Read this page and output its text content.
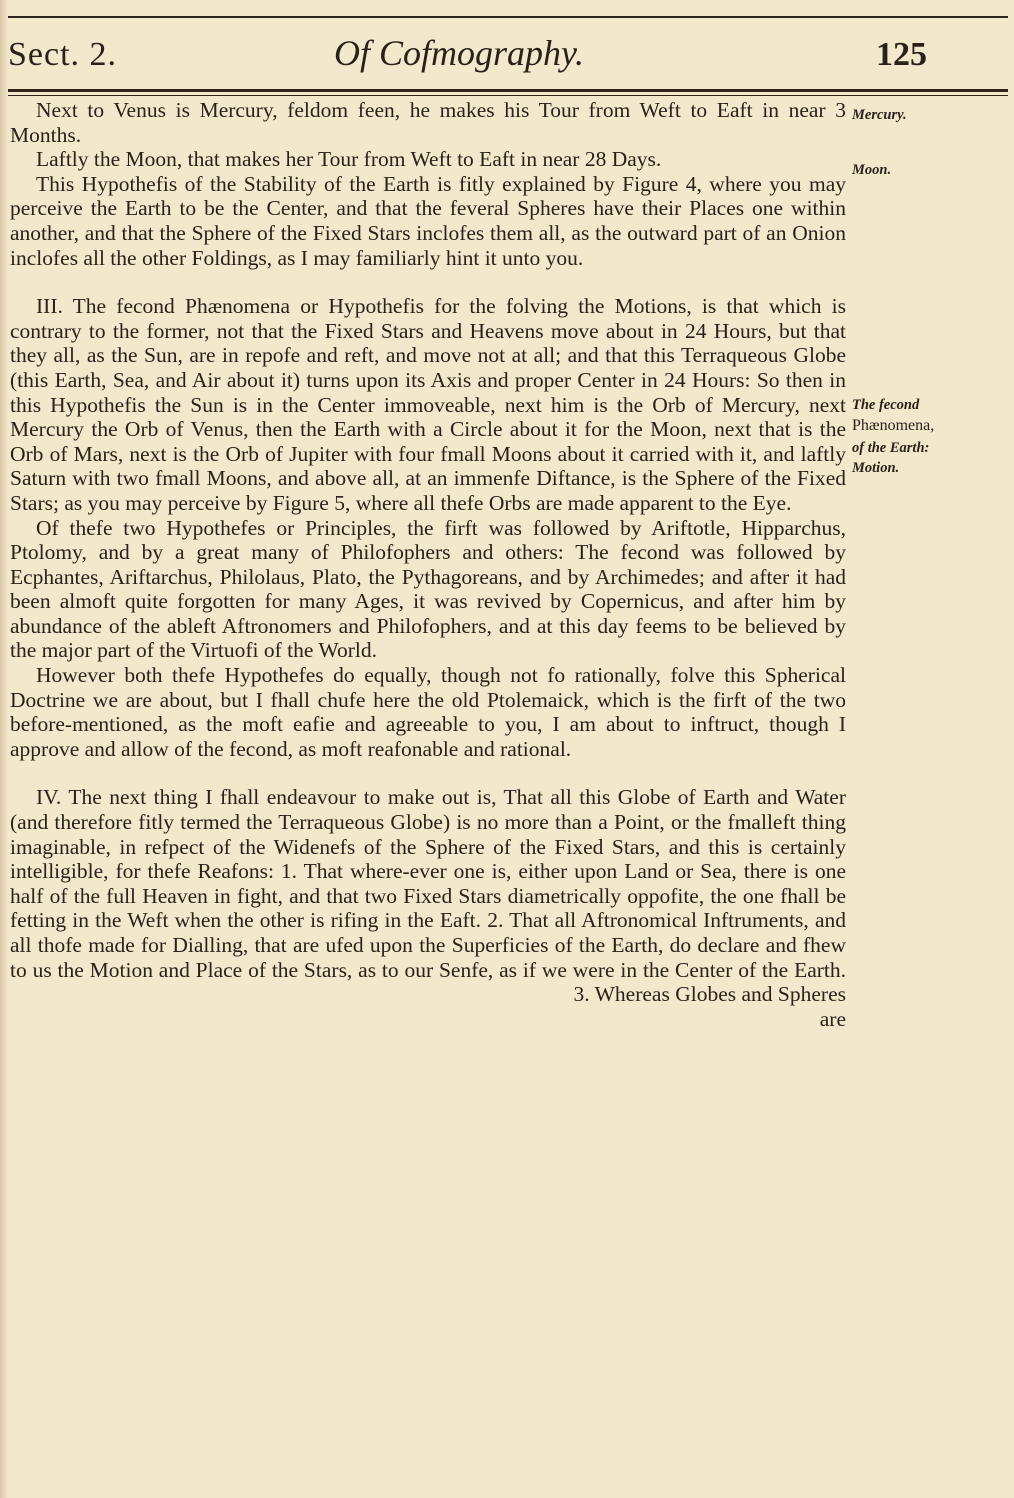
Sect. 2.	Of Cofmography.	125

Next to Venus is Mercury, feldom feen, he makes his Tour from Weft to Eaft in near 3 Months.

Laftly the Moon, that makes her Tour from Weft to Eaft in near 28 Days.

This Hypothefis of the Stability of the Earth is fitly explained by Figure 4, where you may perceive the Earth to be the Center, and that the feveral Spheres have their Places one within another, and that the Sphere of the Fixed Stars inclofes them all, as the outward part of an Onion inclofes all the other Foldings, as I may familiarly hint it unto you.

III. The fecond Phænomena or Hypothefis for the folving the Motions, is that which is contrary to the former, not that the Fixed Stars and Heavens move about in 24 Hours, but that they all, as the Sun, are in repofe and reft, and move not at all; and that this Terraqueous Globe (this Earth, Sea, and Air about it) turns upon its Axis and proper Center in 24 Hours: So then in this Hypothefis the Sun is in the Center immoveable, next him is the Orb of Mercury, next Mercury the Orb of Venus, then the Earth with a Circle about it for the Moon, next that is the Orb of Mars, next is the Orb of Jupiter with four fmall Moons about it carried with it, and laftly Saturn with two fmall Moons, and above all, at an immenfe Diftance, is the Sphere of the Fixed Stars; as you may perceive by Figure 5, where all thefe Orbs are made apparent to the Eye.

Of thefe two Hypothefes or Principles, the firft was followed by Ariftotle, Hipparchus, Ptolomy, and by a great many of Philofophers and others: The fecond was followed by Ecphantes, Ariftarchus, Philolaus, Plato, the Pythagoreans, and by Archimedes; and after it had been almoft quite forgotten for many Ages, it was revived by Copernicus, and after him by abundance of the ableft Aftronomers and Philofophers, and at this day feems to be believed by the major part of the Virtuofi of the World.

However both thefe Hypothefes do equally, though not fo rationally, folve this Spherical Doctrine we are about, but I fhall chufe here the old Ptolemaick, which is the firft of the two before-mentioned, as the moft eafie and agreeable to you, I am about to inftruct, though I approve and allow of the fecond, as moft reafonable and rational.

IV. The next thing I fhall endeavour to make out is, That all this Globe of Earth and Water (and therefore fitly termed the Terraqueous Globe) is no more than a Point, or the fmalleft thing imaginable, in refpect of the Widenefs of the Sphere of the Fixed Stars, and this is certainly intelligible, for thefe Reafons: 1. That where-ever one is, either upon Land or Sea, there is one half of the full Heaven in fight, and that two Fixed Stars diametrically oppofite, the one fhall be fetting in the Weft when the other is rifing in the Eaft. 2. That all Aftronomical Inftruments, and all thofe made for Dialling, that are ufed upon the Superficies of the Earth, do declare and fhew to us the Motion and Place of the Stars, as to our Senfe, as if we were in the Center of the Earth. 3. Whereas Globes and Spheres

are
Mercury.
Moon.
The fecond
Phænomena,
of the Earth:
Motion.
